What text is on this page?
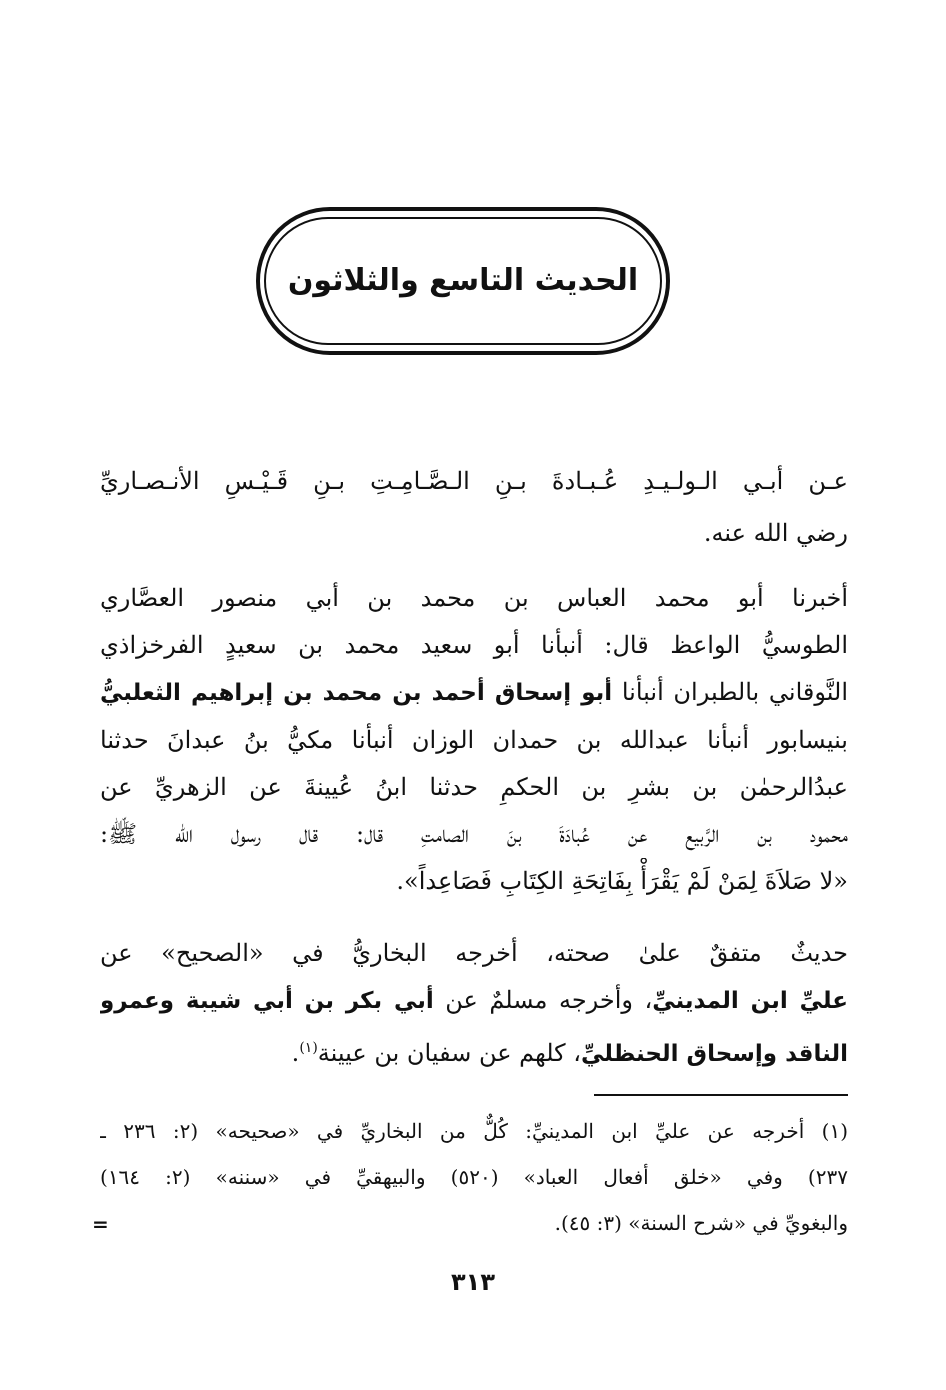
الحديث التاسع والثلاثون
عـن أبـي الـولـيـدِ عُـبـادةَ بـنِ الـصَّـامِـتِ بـنِ قَـيْـسِ الأنـصـاريِّ
رضي الله عنه.
أخبرنا أبو محمد العباس بن محمد بن أبي منصور العصَّاري
الطوسيُّ الواعظ قال: أنبأنا أبو سعيد محمد بن سعيدٍ الفرخزاذي
النَّوقاني بالطبران أنبأنا أبو إسحاق أحمد بن محمد بن إبراهيم الثعلبيُّ
بنيسابور أنبأنا عبدالله بن حمدان الوزان أنبأنا مكيُّ بنُ عبدانَ حدثنا
عبدُالرحمٰن بن بشرِ بن الحكمِ حدثنا ابنُ عُيينةَ عن الزهريِّ عن
محمود بن الرَّبيع عن عُبادَةَ بنَ الصامتِ قال: قال رسول الله ﷺ:
«لا صَلاَةَ لِمَنْ لَمْ يَقْرَأْ بِفَاتِحَةِ الكِتَابِ فَصَاعِداً».
حديثٌ متفقٌ علىٰ صحته، أخرجه البخاريُّ في «الصحيح» عن
عليِّ ابن المدينيِّ، وأخرجه مسلمٌ عن أبي بكر بن أبي شيبة وعمرو
الناقد وإسحاق الحنظليِّ، كلهم عن سفيان بن عيينة$^{(١)}$.
(١) أخرجه عن عليِّ ابن المدينيِّ: كُلٌّ من البخاريِّ في «صحيحه» (٢: ٢٣٦ ـ
٢٣٧) وفي «خلق أفعال العباد» (٥٢٠) والبيهقيِّ في «سننه» (٢: ١٦٤)
والبغويِّ في «شرح السنة» (٣: ٤٥).
=
٣١٣
